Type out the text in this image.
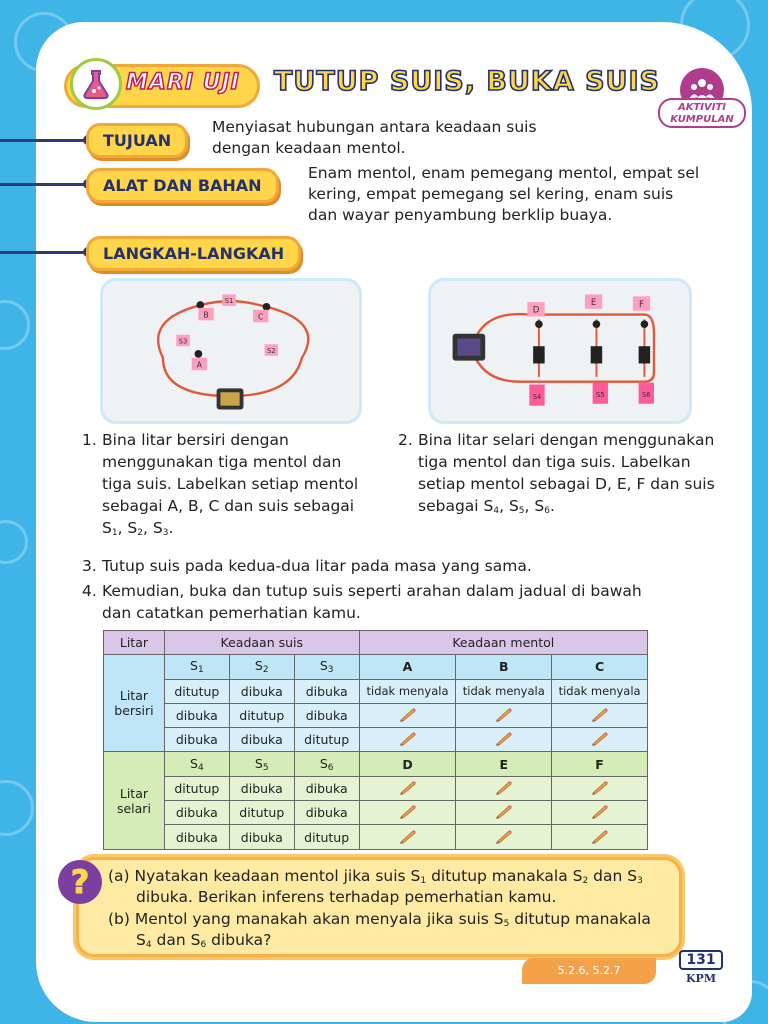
MARI UJI TUTUP SUIS, BUKA SUIS
AKTIVITI KUMPULAN
TUJUAN
Menyiasat hubungan antara keadaan suis
dengan keadaan mentol.
ALAT DAN BAHAN
Enam mentol, enam pemegang mentol, empat sel
kering, empat pemegang sel kering, enam suis
dan wayar penyambung berklip buaya.
LANGKAH-LANGKAH
S1
B	C
S3
S2
A
D
E	F
S4	S5	S6
1. Bina litar bersiri dengan
menggunakan tiga mentol dan
tiga suis. Labelkan setiap mentol
sebagai A, B, C dan suis sebagai
$S_1$, $S_2$, $S_3$.
2. Bina litar selari dengan menggunakan
tiga mentol dan tiga suis. Labelkan
setiap mentol sebagai D, E, F dan suis
sebagai $S_4$, $S_5$, $S_6$.
3. Tutup suis pada kedua-dua litar pada masa yang sama.
4. Kemudian, buka dan tutup suis seperti arahan dalam jadual di bawah
dan catatkan pemerhatian kamu.
Litar	Keadaan suis			Keadaan mentol		
Litar
bersiri	$S_1$	$S_2$	$S_3$	A	B	C
	ditutup	dibuka	dibuka	tidak menyala	tidak menyala	tidak menyala
	dibuka	ditutup	dibuka			
	dibuka	dibuka	ditutup			
Litar
selari	$S_4$	$S_5$	$S_6$	D	E	F
	ditutup	dibuka	dibuka			
	dibuka	ditutup	dibuka			
	dibuka	dibuka	ditutup			
?	(a) Nyatakan keadaan mentol jika suis $S_1$ ditutup manakala $S_2$ dan $S_3$
dibuka. Berikan inferens terhadap pemerhatian kamu.
(b) Mentol yang manakah akan menyala jika suis $S_5$ ditutup manakala
$S_4$ dan $S_6$ dibuka?
5.2.6, 5.2.7
131
KPM
